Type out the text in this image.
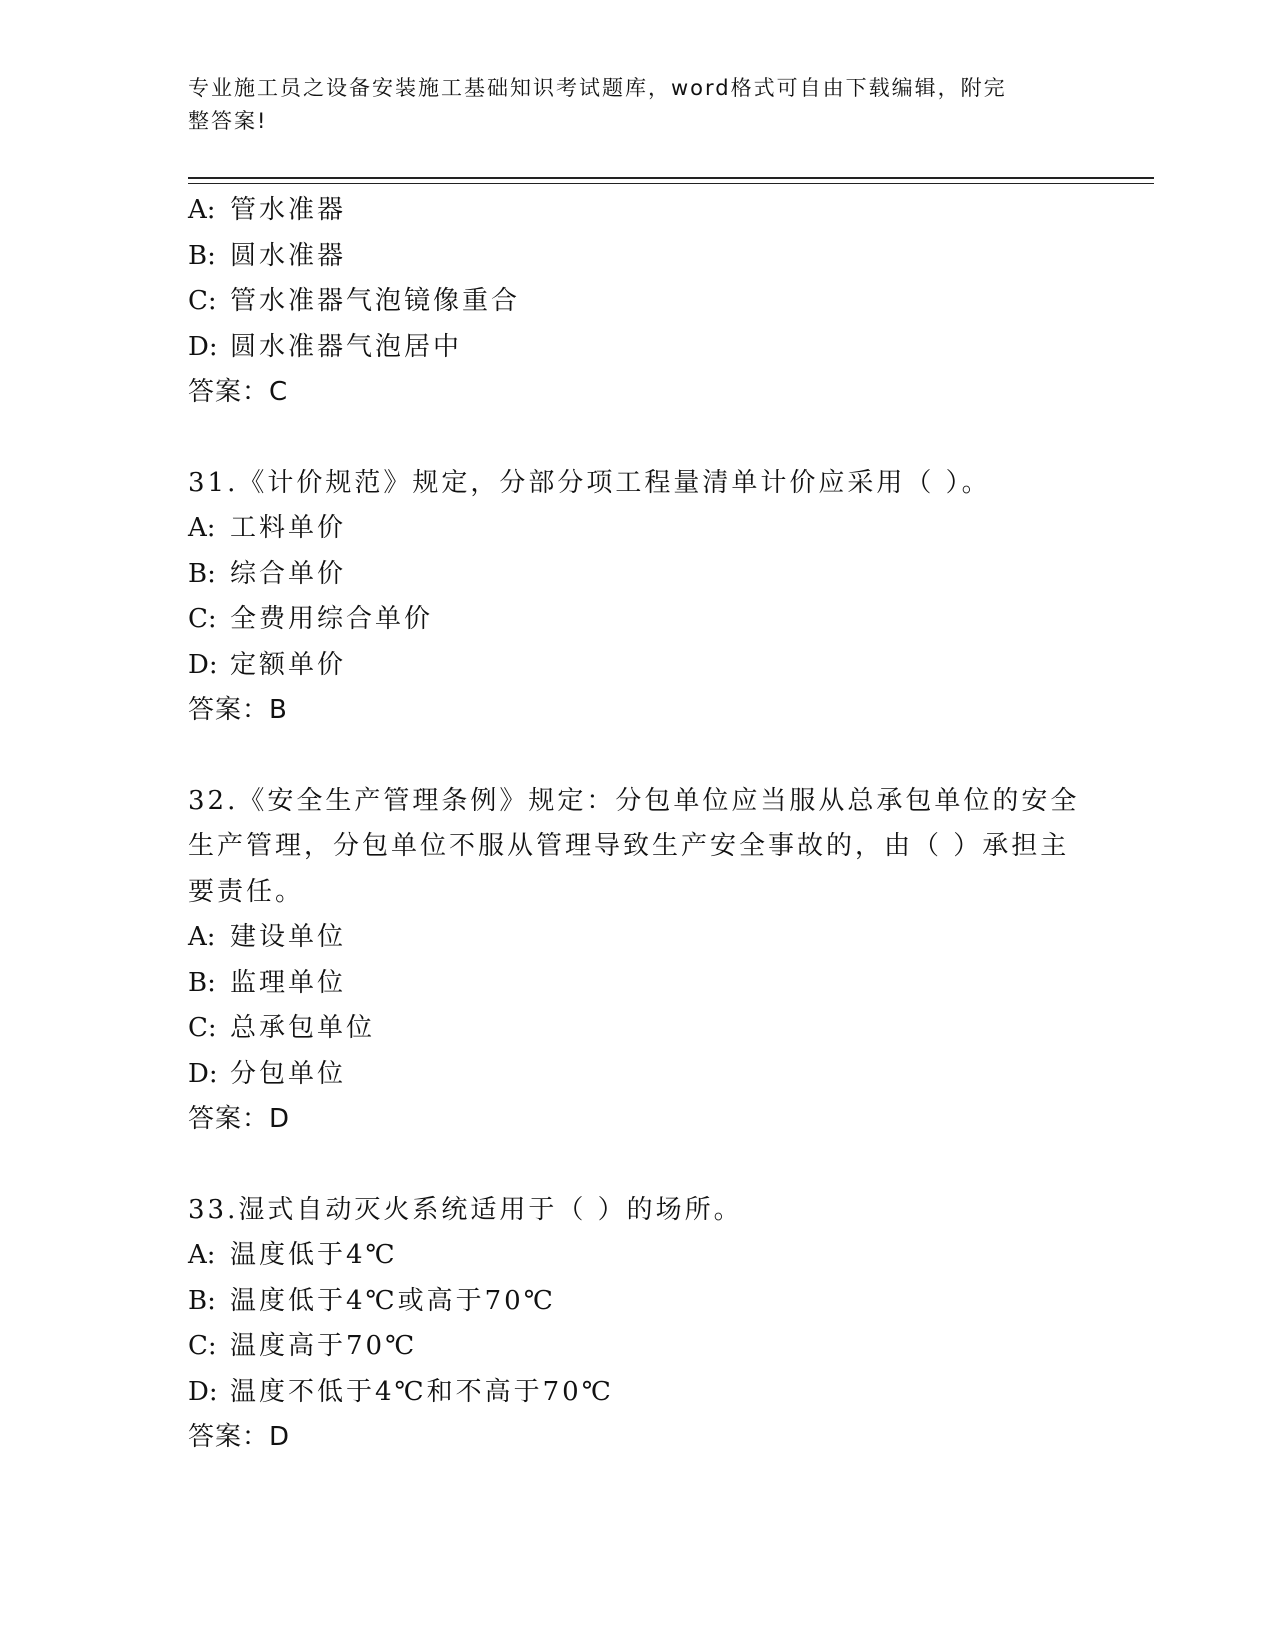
专业施工员之设备安装施工基础知识考试题库，word格式可自由下载编辑，附完
整答案!
A: 管水准器
B: 圆水准器
C: 管水准器气泡镜像重合
D: 圆水准器气泡居中
答案：C
31.《计价规范》规定，分部分项工程量清单计价应采用（ ）。
A: 工料单价
B: 综合单价
C: 全费用综合单价
D: 定额单价
答案：B
32.《安全生产管理条例》规定：分包单位应当服从总承包单位的安全
生产管理，分包单位不服从管理导致生产安全事故的，由（ ）承担主
要责任。
A: 建设单位
B: 监理单位
C: 总承包单位
D: 分包单位
答案：D
33.湿式自动灭火系统适用于（ ）的场所。
A: 温度低于4℃
B: 温度低于4℃或高于70℃
C: 温度高于70℃
D: 温度不低于4℃和不高于70℃
答案：D
